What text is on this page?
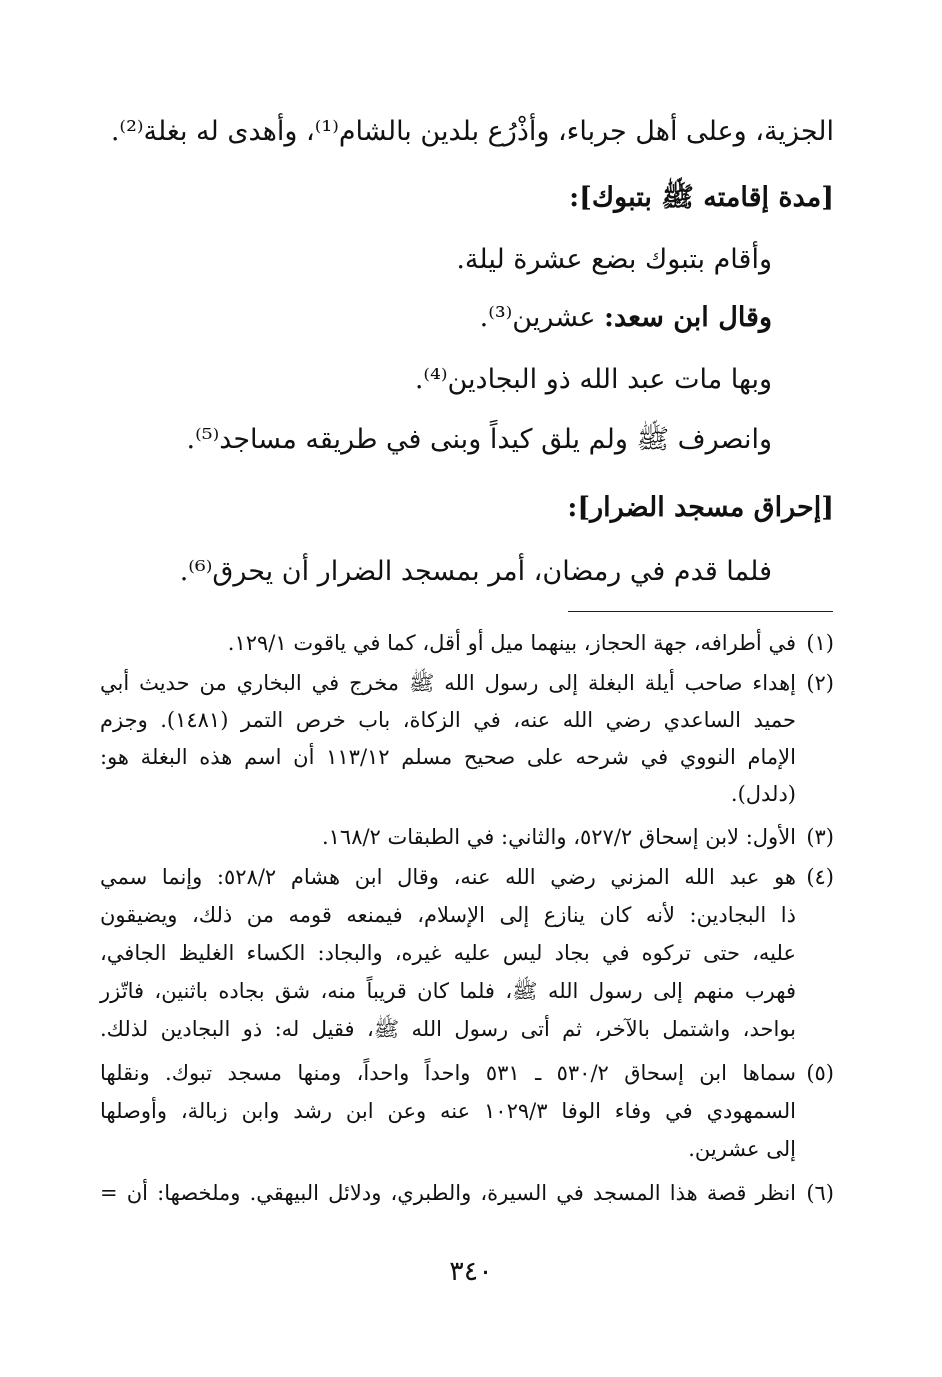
الجزية، وعلى أهل جرباء، وأذْرُع بلدين بالشام⁽¹⁾، وأهدى له بغلة⁽²⁾.
[مدة إقامته ﷺ بتبوك]:
وأقام بتبوك بضع عشرة ليلة.
وقال ابن سعد: عشرين⁽³⁾.
وبها مات عبد الله ذو البجادين⁽⁴⁾.
وانصرف ﷺ ولم يلق كيداً وبنى في طريقه مساجد⁽⁵⁾.
[إحراق مسجد الضرار]:
فلما قدم في رمضان، أمر بمسجد الضرار أن يحرق⁽⁶⁾.
(١)
في أطرافه، جهة الحجاز، بينهما ميل أو أقل، كما في ياقوت ١٢٩/١.
(٢)
إهداء صاحب أيلة البغلة إلى رسول الله ﷺ مخرج في البخاري من حديث أبي
حميد الساعدي رضي الله عنه، في الزكاة، باب خرص التمر (١٤٨١). وجزم
الإمام النووي في شرحه على صحيح مسلم ١١٣/١٢ أن اسم هذه البغلة هو:
(دلدل).
(٣)
الأول: لابن إسحاق ٥٢٧/٢، والثاني: في الطبقات ١٦٨/٢.
(٤)
هو عبد الله المزني رضي الله عنه، وقال ابن هشام ٥٢٨/٢: وإنما سمي
ذا البجادين: لأنه كان ينازع إلى الإسلام، فيمنعه قومه من ذلك، ويضيقون
عليه، حتى تركوه في بجاد ليس عليه غيره، والبجاد: الكساء الغليظ الجافي،
فهرب منهم إلى رسول الله ﷺ، فلما كان قريباً منه، شق بجاده باثنين، فاتّزر
بواحد، واشتمل بالآخر، ثم أتى رسول الله ﷺ، فقيل له: ذو البجادين لذلك.
(٥)
سماها ابن إسحاق ٥٣٠/٢ ـ ٥٣١ واحداً واحداً، ومنها مسجد تبوك. ونقلها
السمهودي في وفاء الوفا ١٠٢٩/٣ عنه وعن ابن رشد وابن زبالة، وأوصلها
إلى عشرين.
(٦)
انظر قصة هذا المسجد في السيرة، والطبري، ودلائل البيهقي. وملخصها: أن =
٣٤٠
